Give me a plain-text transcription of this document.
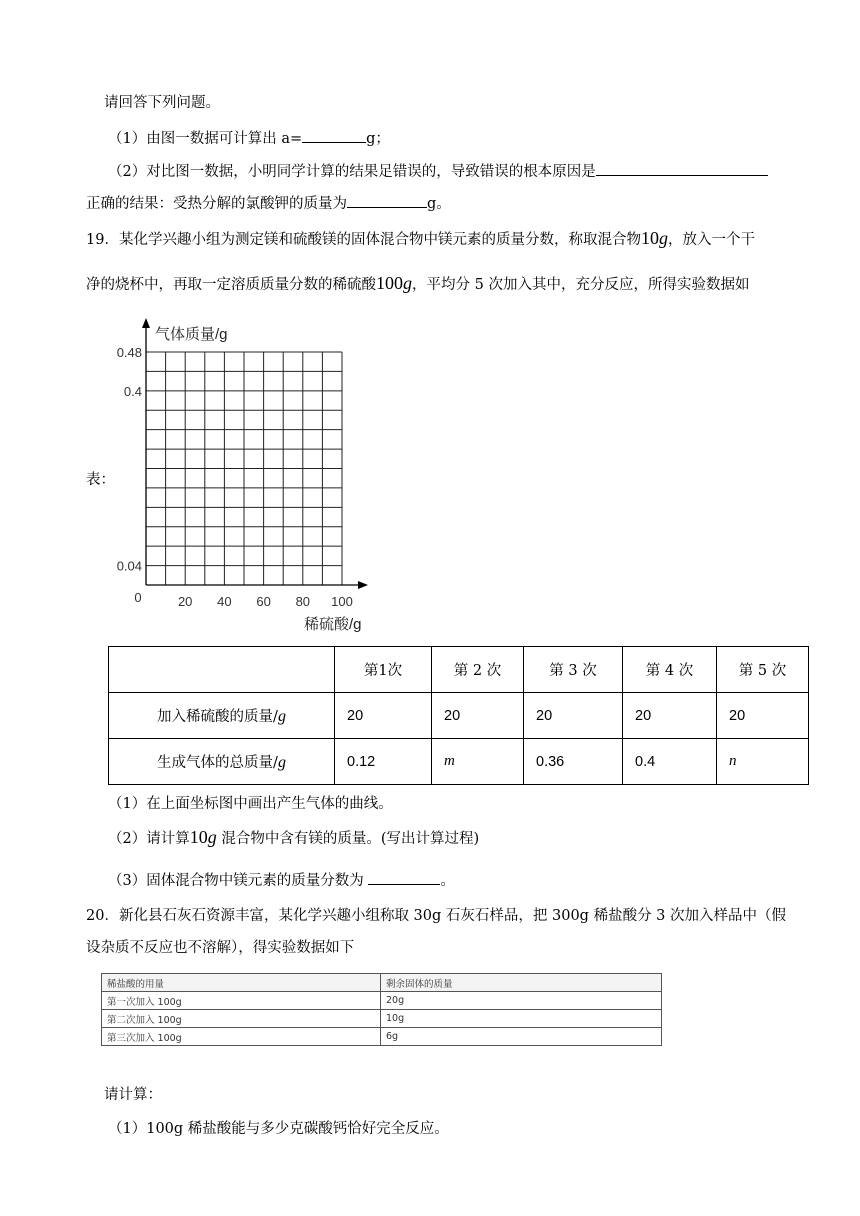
请回答下列问题。
（1）由图一数据可计算出 a=	g；
（2）对比图一数据，小明同学计算的结果足错误的，导致错误的根本原因是
正确的结果：受热分解的氯酸钾的质量为	g。
19．某化学兴趣小组为测定镁和硫酸镁的固体混合物中镁元素的质量分数，称取混合物10g，放入一个干
净的烧杯中，再取一定溶质质量分数的稀硫酸100g，平均分 5 次加入其中，充分反应，所得实验数据如
表：
气体质量/g
稀硫酸/g
0	20 40 60 80 100
0.04
0.4
0.48
	第1次	第 2 次	第 3 次	第 4 次	第 5 次
加入稀硫酸的质量/g	20	20	20	20	20
生成气体的总质量/g	0.12	m	0.36	0.4	n
（1）在上面坐标图中画出产生气体的曲线。
（2）请计算10g 混合物中含有镁的质量。(写出计算过程)
（3）固体混合物中镁元素的质量分数为	。
20．新化县石灰石资源丰富，某化学兴趣小组称取 30g 石灰石样品，把 300g 稀盐酸分 3 次加入样品中（假
设杂质不反应也不溶解），得实验数据如下
稀盐酸的用量	剩余固体的质量
第一次加入 100g	20g
第二次加入 100g	10g
第三次加入 100g	6g
请计算：
（1）100g 稀盐酸能与多少克碳酸钙恰好完全反应。
